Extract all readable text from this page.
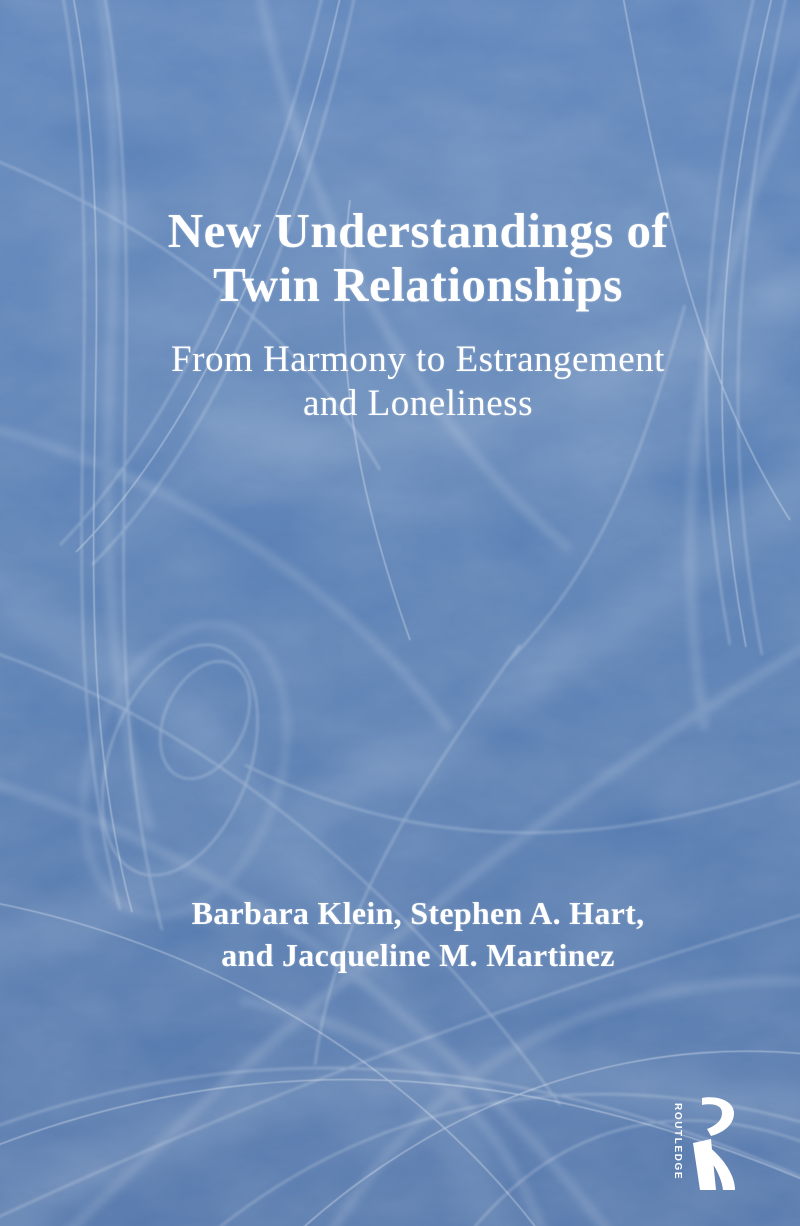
New Understandings of
Twin Relationships
From Harmony to Estrangement
and Loneliness
Barbara Klein, Stephen A. Hart,
and Jacqueline M. Martinez
ROUTLEDGE
